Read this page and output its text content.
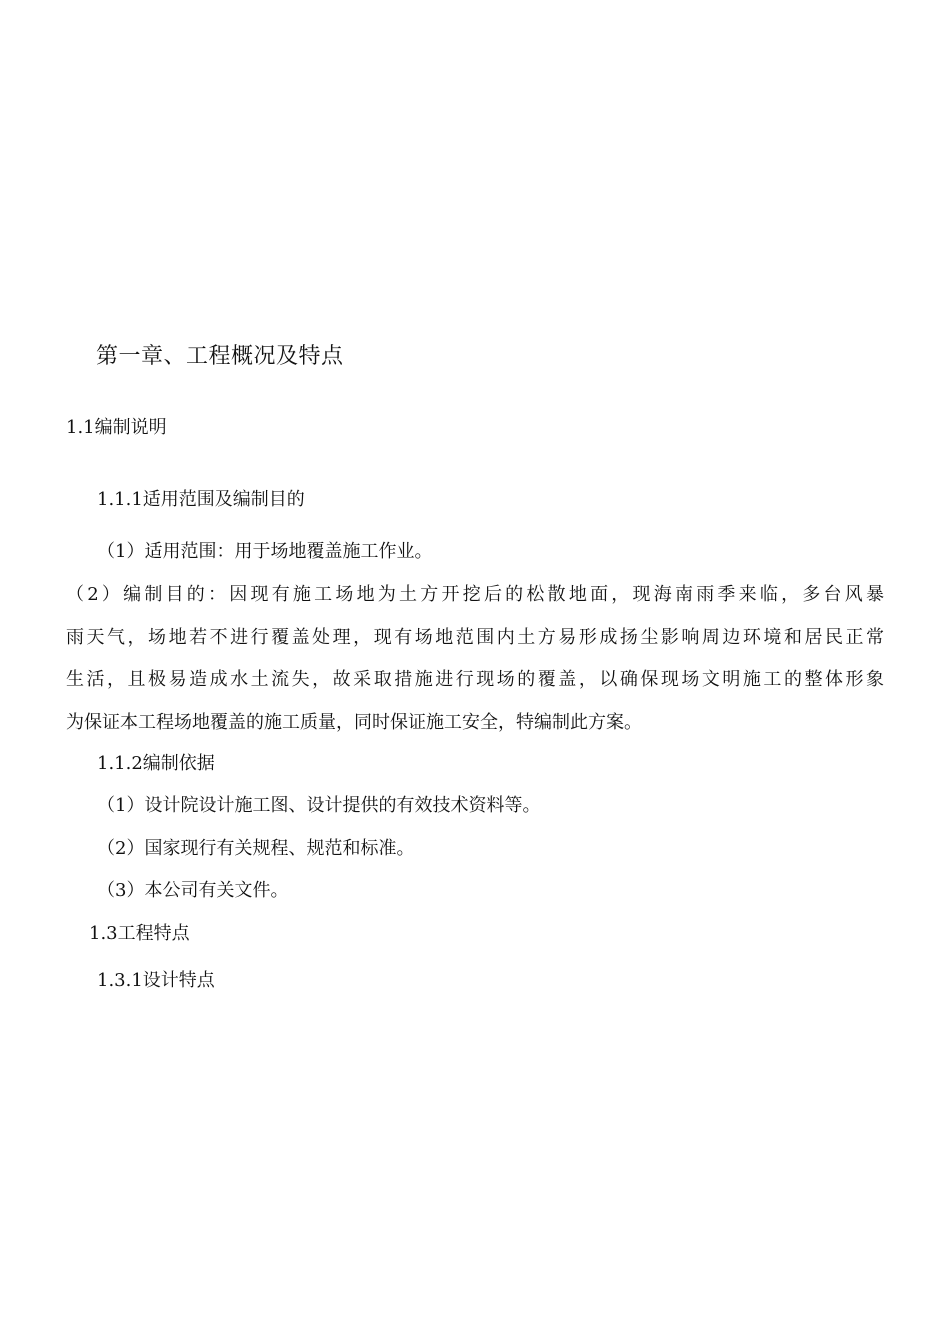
第一章、工程概况及特点
1.1编制说明
1.1.1适用范围及编制目的
（1）适用范围：用于场地覆盖施工作业。
（2）编制目的：因现有施工场地为土方开挖后的松散地面，现海南雨季来临，多台风暴
雨天气，场地若不进行覆盖处理，现有场地范围内土方易形成扬尘影响周边环境和居民正常
生活，且极易造成水土流失，故采取措施进行现场的覆盖，以确保现场文明施工的整体形象
为保证本工程场地覆盖的施工质量，同时保证施工安全，特编制此方案。
1.1.2编制依据
（1）设计院设计施工图、设计提供的有效技术资料等。
（2）国家现行有关规程、规范和标准。
（3）本公司有关文件。
1.3工程特点
1.3.1设计特点
